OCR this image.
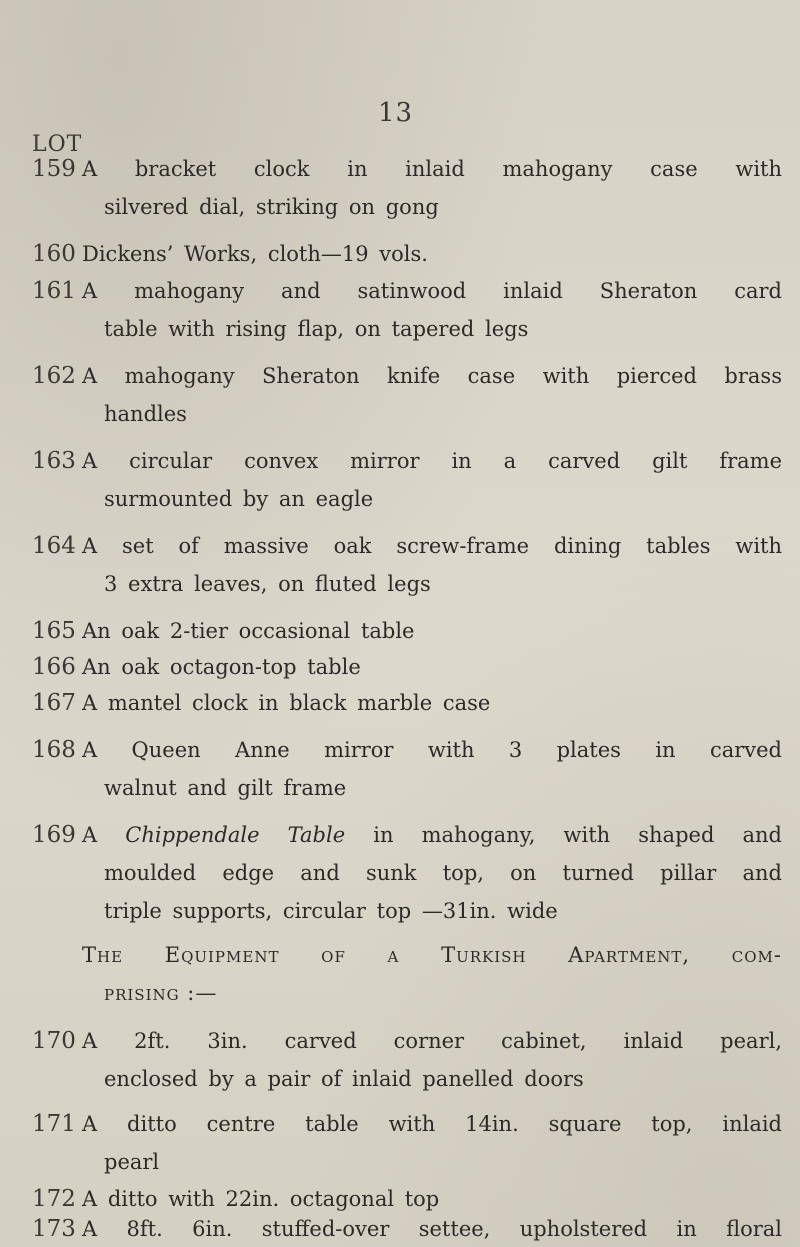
13
LOT
159 A bracket clock in inlaid mahogany case with
silvered dial, striking on gong
160 Dickens’ Works, cloth—19 vols.
161 A mahogany and satinwood inlaid Sheraton card
table with rising flap, on tapered legs
162 A mahogany Sheraton knife case with pierced brass
handles
163 A circular convex mirror in a carved gilt frame
surmounted by an eagle
164 A set of massive oak screw-frame dining tables with
3 extra leaves, on fluted legs
165 An oak 2-tier occasional table
166 An oak octagon-top table
167 A mantel clock in black marble case
168 A Queen Anne mirror with 3 plates in carved
walnut and gilt frame
169 A Chippendale Table in mahogany, with shaped and
moulded edge and sunk top, on turned pillar and
triple supports, circular top —31in. wide
The Equipment of a Turkish Apartment, com-
prising :—
170 A 2ft. 3in. carved corner cabinet, inlaid pearl,
enclosed by a pair of inlaid panelled doors
171 A ditto centre table with 14in. square top, inlaid
pearl
172 A ditto with 22in. octagonal top
173 A 8ft. 6in. stuffed-over settee, upholstered in floral
